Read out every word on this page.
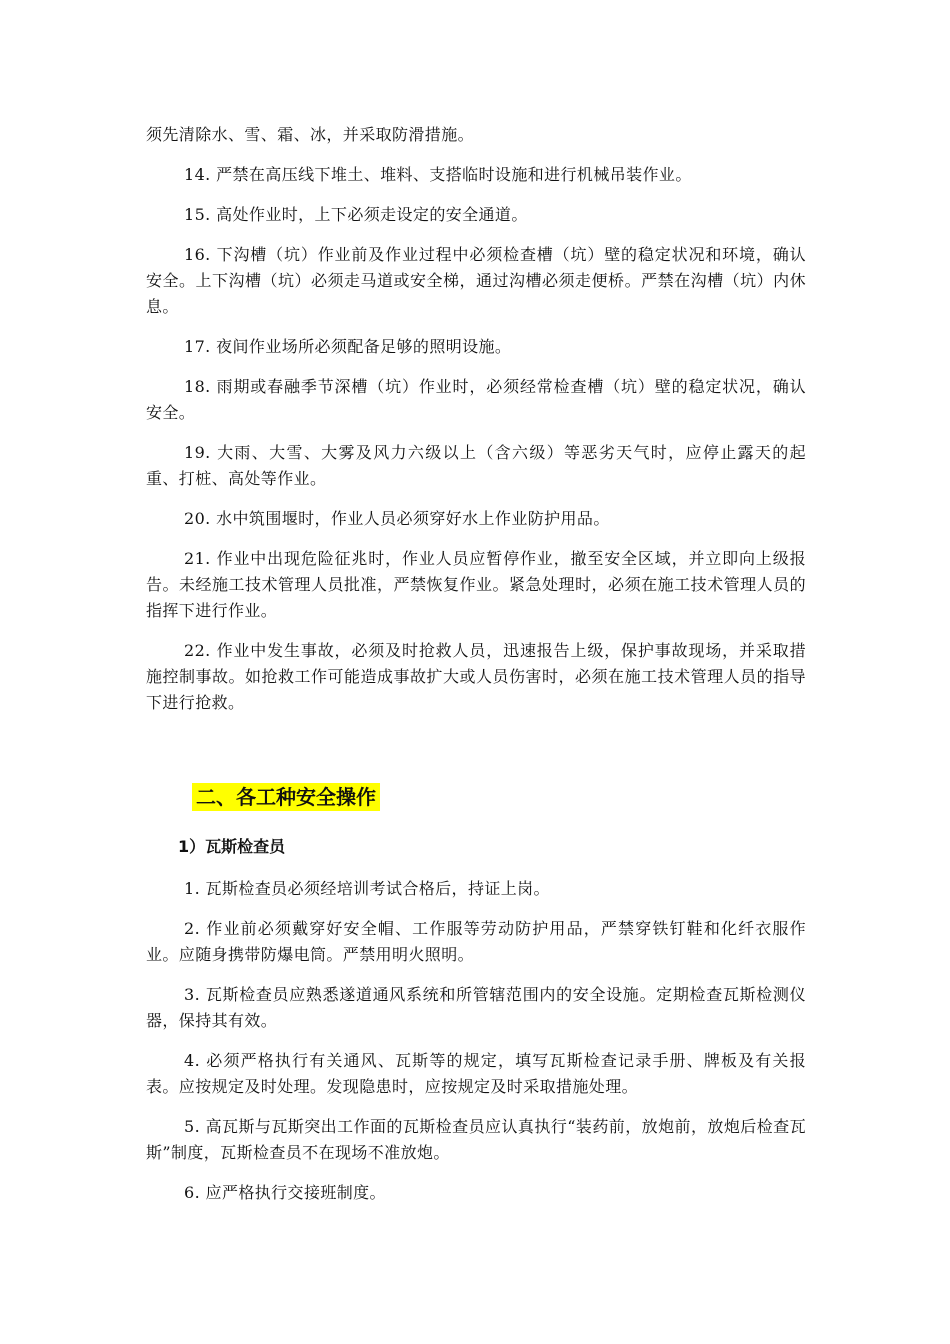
须先清除水、雪、霜、冰，并采取防滑措施。

14. 严禁在高压线下堆土、堆料、支搭临时设施和进行机械吊装作业。

15. 高处作业时，上下必须走设定的安全通道。

16. 下沟槽（坑）作业前及作业过程中必须检查槽（坑）壁的稳定状况和环境，确认安全。上下沟槽（坑）必须走马道或安全梯，通过沟槽必须走便桥。严禁在沟槽（坑）内休息。

17. 夜间作业场所必须配备足够的照明设施。

18. 雨期或春融季节深槽（坑）作业时，必须经常检查槽（坑）壁的稳定状况，确认安全。

19. 大雨、大雪、大雾及风力六级以上（含六级）等恶劣天气时，应停止露天的起重、打桩、高处等作业。

20. 水中筑围堰时，作业人员必须穿好水上作业防护用品。

21. 作业中出现危险征兆时，作业人员应暂停作业，撤至安全区域，并立即向上级报告。未经施工技术管理人员批准，严禁恢复作业。紧急处理时，必须在施工技术管理人员的指挥下进行作业。

22. 作业中发生事故，必须及时抢救人员，迅速报告上级，保护事故现场，并采取措施控制事故。如抢救工作可能造成事故扩大或人员伤害时，必须在施工技术管理人员的指导下进行抢救。

二、各工种安全操作
1）瓦斯检查员

1. 瓦斯检查员必须经培训考试合格后，持证上岗。

2. 作业前必须戴穿好安全帽、工作服等劳动防护用品，严禁穿铁钉鞋和化纤衣服作业。应随身携带防爆电筒。严禁用明火照明。

3. 瓦斯检查员应熟悉遂道通风系统和所管辖范围内的安全设施。定期检查瓦斯检测仪器，保持其有效。

4. 必须严格执行有关通风、瓦斯等的规定，填写瓦斯检查记录手册、牌板及有关报表。应按规定及时处理。发现隐患时，应按规定及时采取措施处理。

5. 高瓦斯与瓦斯突出工作面的瓦斯检查员应认真执行“装药前，放炮前，放炮后检查瓦斯”制度，瓦斯检查员不在现场不准放炮。

6. 应严格执行交接班制度。
